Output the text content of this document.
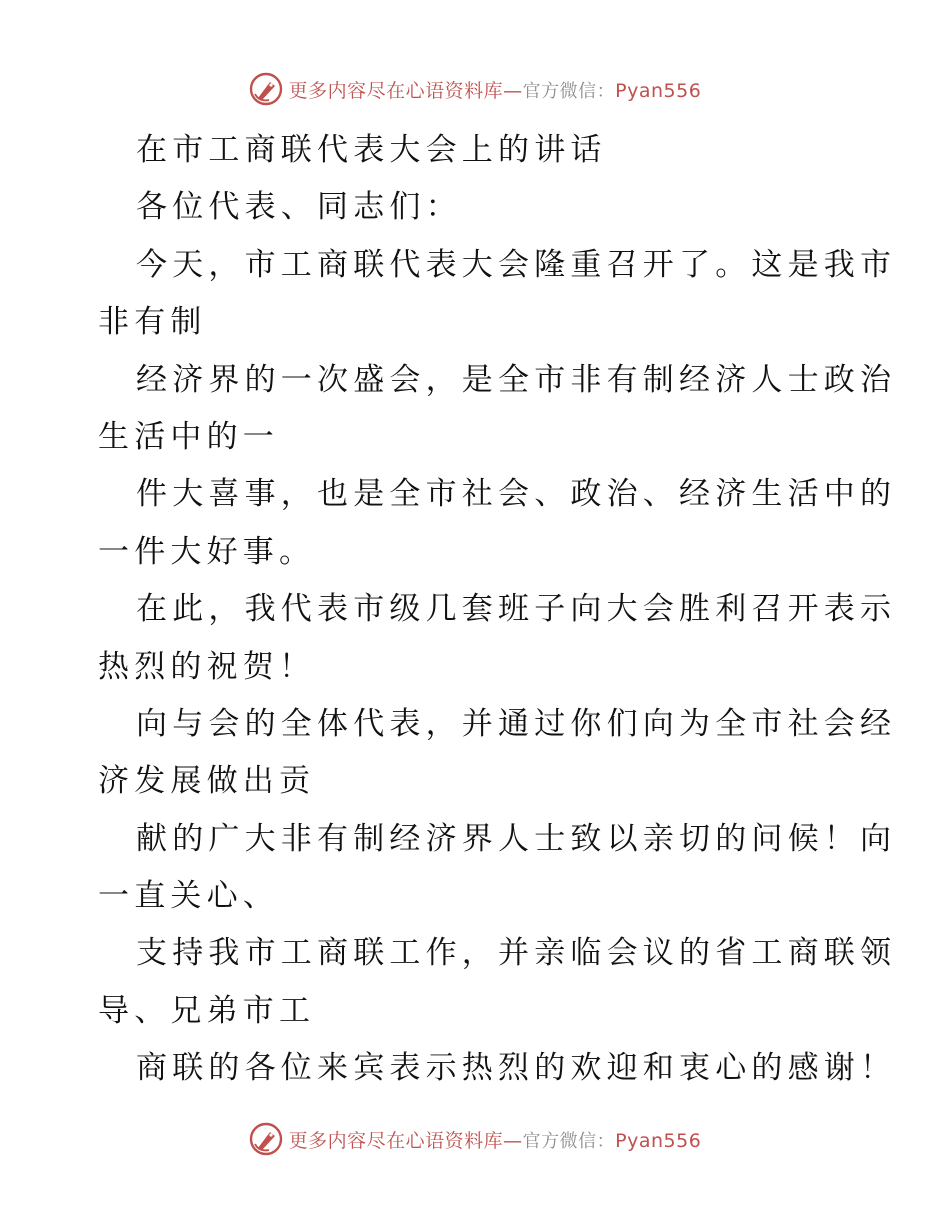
更多内容尽在心语资料库—官方微信：Pyan556
在市工商联代表大会上的讲话
各位代表、同志们：
今天，市工商联代表大会隆重召开了。这是我市
非有制
经济界的一次盛会，是全市非有制经济人士政治
生活中的一
件大喜事，也是全市社会、政治、经济生活中的
一件大好事。
在此，我代表市级几套班子向大会胜利召开表示
热烈的祝贺！
向与会的全体代表，并通过你们向为全市社会经
济发展做出贡
献的广大非有制经济界人士致以亲切的问候！向
一直关心、
支持我市工商联工作，并亲临会议的省工商联领
导、兄弟市工
商联的各位来宾表示热烈的欢迎和衷心的感谢！
更多内容尽在心语资料库—官方微信：Pyan556
